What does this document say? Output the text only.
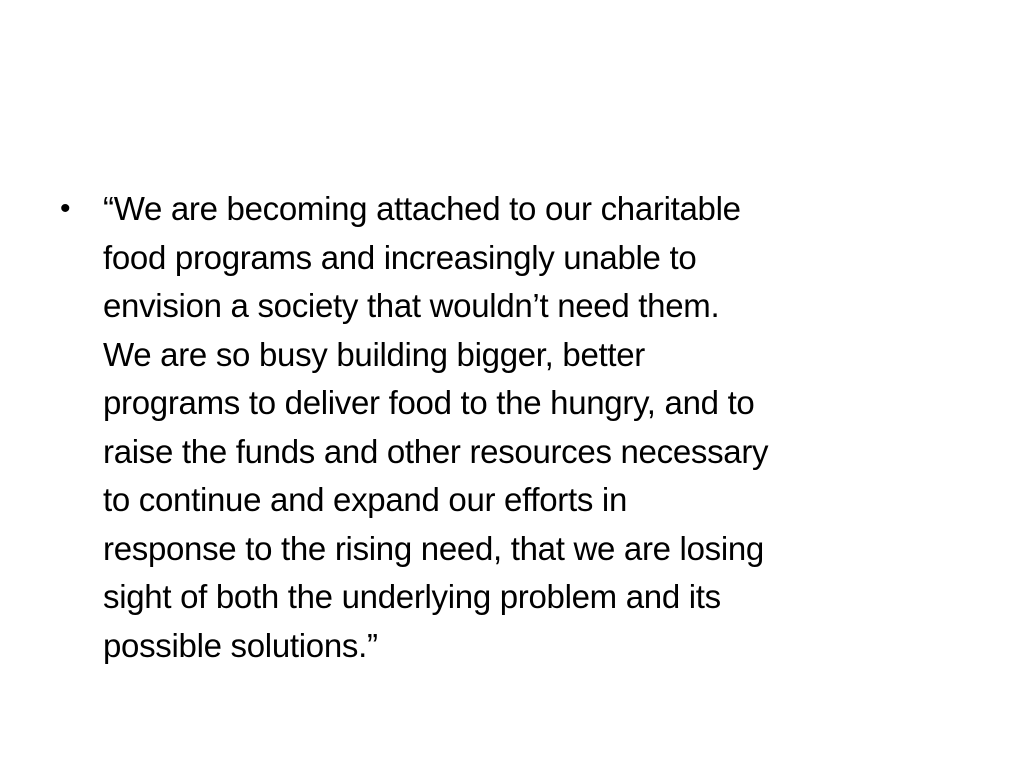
• “We are becoming attached to our charitable
food programs and increasingly unable to
envision a society that wouldn’t need them.
We are so busy building bigger, better
programs to deliver food to the hungry, and to
raise the funds and other resources necessary
to continue and expand our efforts in
response to the rising need, that we are losing
sight of both the underlying problem and its
possible solutions.”
